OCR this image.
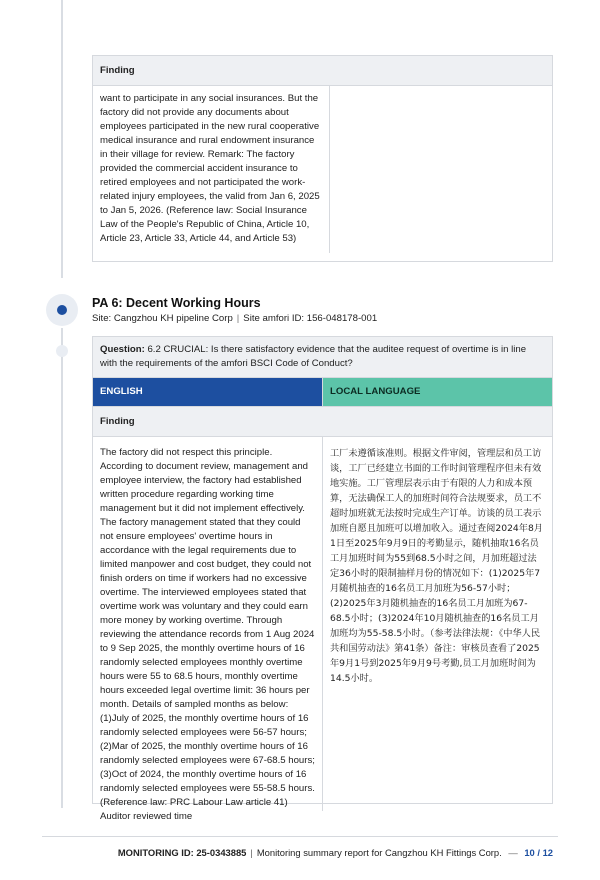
Finding
want to participate in any social insurances. But the factory did not provide any documents about employees participated in the new rural cooperative medical insurance and rural endowment insurance in their village for review. Remark: The factory provided the commercial accident insurance to retired employees and not participated the work-related injury employees, the valid from Jan 6, 2025 to Jan 5, 2026. (Reference law: Social Insurance Law of the People's Republic of China, Article 10, Article 23, Article 33, Article 44, and Article 53)
PA 6: Decent Working Hours
Site: Cangzhou KH pipeline Corp | Site amfori ID: 156-048178-001
Question: 6.2 CRUCIAL: Is there satisfactory evidence that the auditee request of overtime is in line with the requirements of the amfori BSCI Code of Conduct?
ENGLISH	LOCAL LANGUAGE
Finding
The factory did not respect this principle. According to document review, management and employee interview, the factory had established written procedure regarding working time management but it did not implement effectively. The factory management stated that they could not ensure employees' overtime hours in accordance with the legal requirements due to limited manpower and cost budget, they could not finish orders on time if workers had no excessive overtime. The interviewed employees stated that overtime work was voluntary and they could earn more money by working overtime. Through reviewing the attendance records from 1 Aug 2024 to 9 Sep 2025, the monthly overtime hours of 16 randomly selected employees monthly overtime hours were 55 to 68.5 hours, monthly overtime hours exceeded legal overtime limit: 36 hours per month. Details of sampled months as below: (1)July of 2025, the monthly overtime hours of 16 randomly selected employees were 56-57 hours; (2)Mar of 2025, the monthly overtime hours of 16 randomly selected employees were 67-68.5 hours; (3)Oct of 2024, the monthly overtime hours of 16 randomly selected employees were 55-58.5 hours. (Reference law: PRC Labour Law article 41) Auditor reviewed time
工厂未遵循该准则。根据文件审阅，管理层和员工访谈，工厂已经建立书面的工作时间管理程序但未有效地实施。工厂管理层表示由于有限的人力和成本预算，无法确保工人的加班时间符合法规要求，员工不超时加班就无法按时完成生产订单。访谈的员工表示加班自愿且加班可以增加收入。通过查阅2024年8月1日至2025年9月9日的考勤显示，随机抽取16名员工月加班时间为55到68.5小时之间，月加班超过法定36小时的限制抽样月份的情况如下：(1)2025年7月随机抽查的16名员工月加班为56-57小时；(2)2025年3月随机抽查的16名员工月加班为67-68.5小时；(3)2024年10月随机抽查的16名员工月加班均为55-58.5小时。（参考法律法规：《中华人民共和国劳动法》第41条）备注：审核员查看了2025年9月1号到2025年9月9号考勤,员工月加班时间为14.5小时。
MONITORING ID: 25-0343885 | Monitoring summary report for Cangzhou KH Fittings Corp. — 10 / 12
